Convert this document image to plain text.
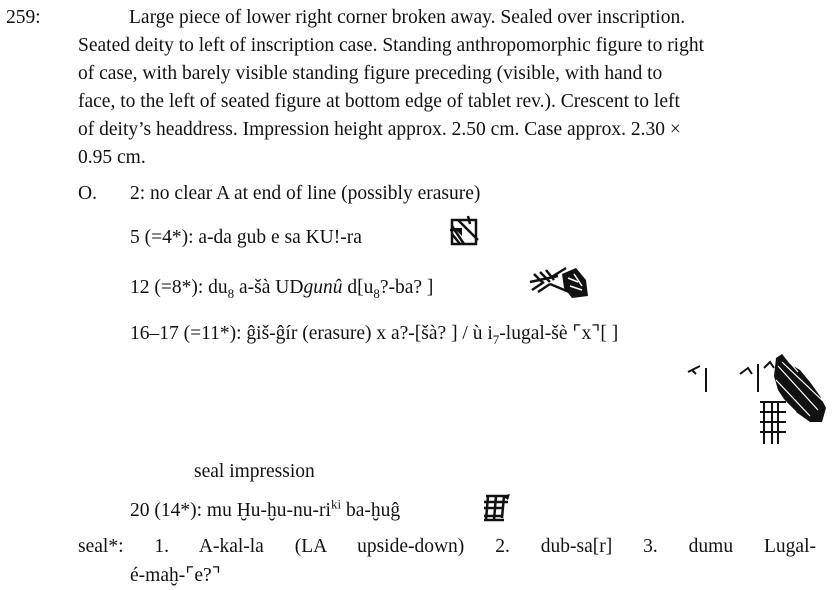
259:	Large piece of lower right corner broken away. Sealed over inscription.
Seated deity to left of inscription case. Standing anthropomorphic figure to right
of case, with barely visible standing figure preceding (visible, with hand to
face, to the left of seated figure at bottom edge of tablet rev.). Crescent to left
of deity’s headdress. Impression height approx. 2.50 cm. Case approx. 2.30 ×
0.95 cm.
O. 2: no clear A at end of line (possibly erasure)
5 (=4*): a-da gub e sa KU!-ra
12 (=8*): $du_8$ a-šà UDgunû $d[u_8?-ba$? ]
16–17 (=11*): ĝiš-ĝír (erasure) x a?-[šà? ] / ù $i_7-lugal-šè$ ⌜x⌝[ ]
seal impression
20 (14*): mu $Ḫu-ḫu-nu-ri^{ki}$ ba-ḫuĝ
seal*: 1. A-kal-la (LA upside-down) 2. dub-sa[r] 3. dumu Lugal-
é-maḫ-⌜e?⌝
